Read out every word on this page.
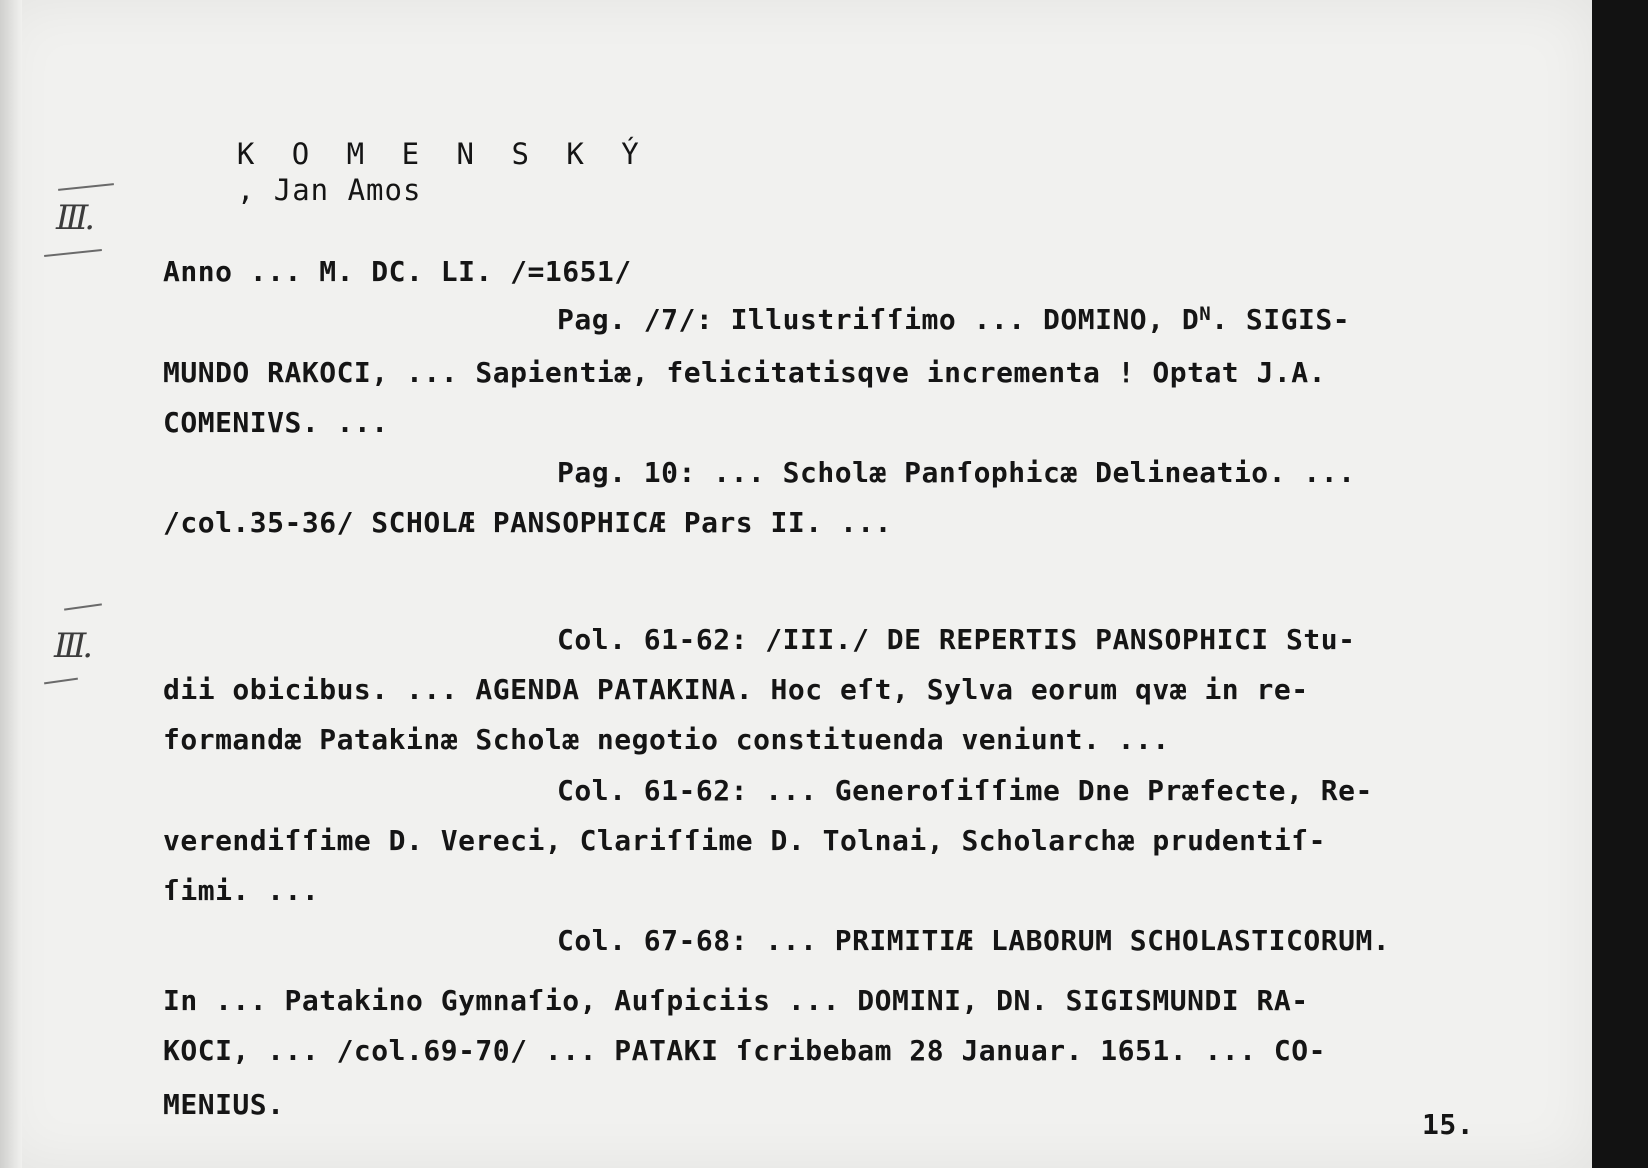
K O M E N S K Ý
, Jan Amos

III.
Anno ... M. DC. LI. /=1651/
Pag. /7/: Illustriſſimo ... DOMINO, $D^N$. SIGIS-
MUNDO RAKOCI, ... Sapientiæ, felicitatisqve incrementa ! Optat J.A.
COMENIVS. ...
Pag. 10: ... Scholæ Panſophicæ Delineatio. ...
/col.35-36/ SCHOLÆ PANSOPHICÆ Pars II. ...
III.	Col. 61-62: /III./ DE REPERTIS PANSOPHICI Stu-
dii obicibus. ... AGENDA PATAKINA. Hoc eſt, Sylva eorum qvæ in re-
formandæ Patakinæ Scholæ negotio constituenda veniunt. ...
Col. 61-62: ... Generoſiſſime Dne Præfecte, Re-
verendiſſime D. Vereci, Clariſſime D. Tolnai, Scholarchæ prudentiſ-
ſimi. ...
Col. 67-68: ... PRIMITIÆ LABORUM SCHOLASTICORUM.
In ... Patakino Gymnaſio, Auſpiciis ... DOMINI, DN. SIGISMUNDI RA-
KOCI, ... /col.69-70/ ... PATAKI ſcribebam 28 Januar. 1651. ... CO-
MENIUS.
15.
